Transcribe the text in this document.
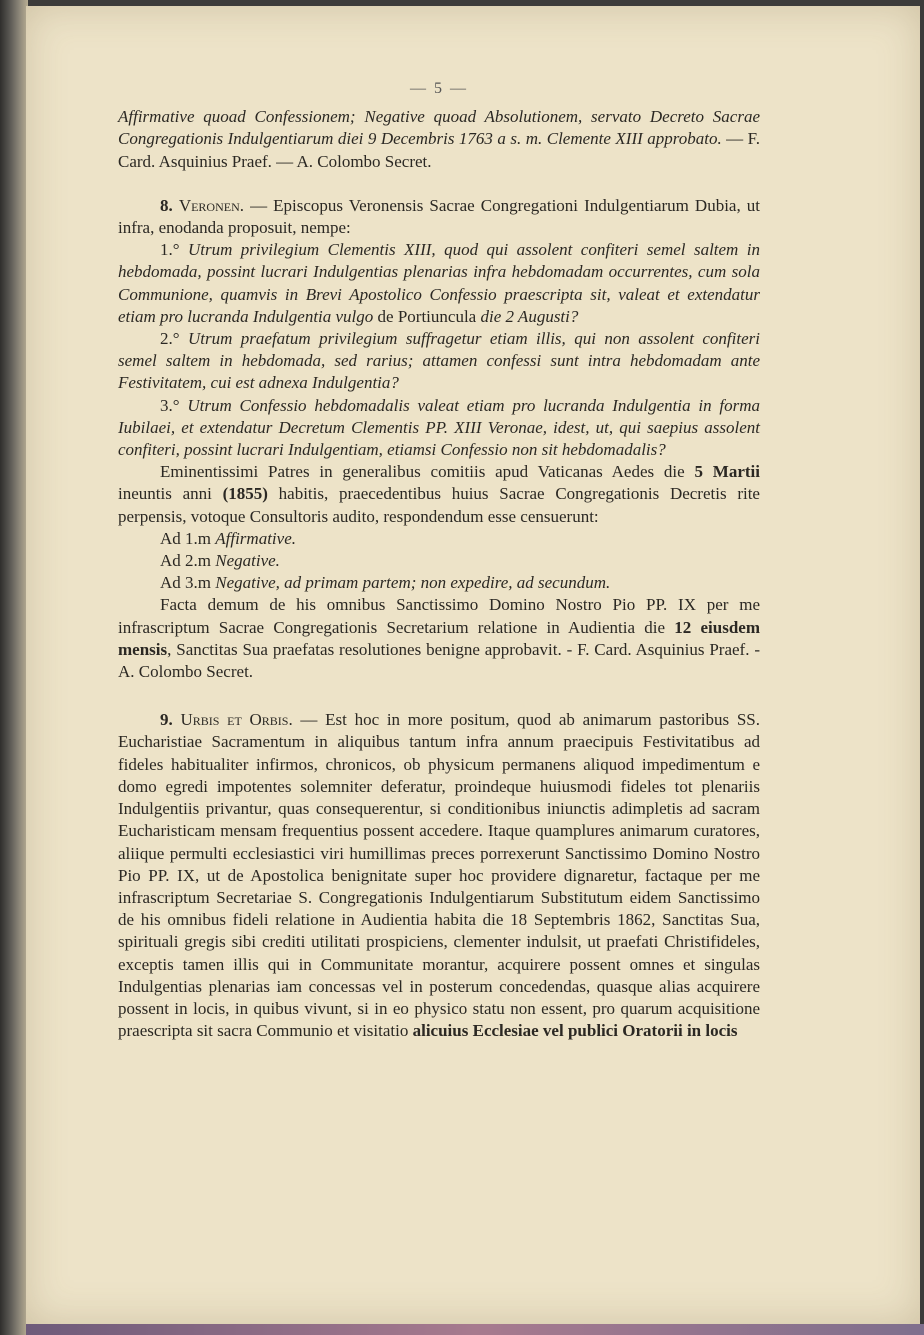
— 5 —

Affirmative quoad Confessionem; Negative quoad Absolutionem, servato Decreto Sacrae Congregationis Indulgentiarum diei 9 Decembris 1763 a s. m. Clemente XIII approbato. — F. Card. Asquinius Praef. — A. Colombo Secret.

8. Veronen. — Episcopus Veronensis Sacrae Congregationi Indulgentiarum Dubia, ut infra, enodanda proposuit, nempe:

1.° Utrum privilegium Clementis XIII, quod qui assolent confiteri semel saltem in hebdomada, possint lucrari Indulgentias plenarias infra hebdomadam occurrentes, cum sola Communione, quamvis in Brevi Apostolico Confessio praescripta sit, valeat et extendatur etiam pro lucranda Indulgentia vulgo de Portiuncula die 2 Augusti?

2.° Utrum praefatum privilegium suffragetur etiam illis, qui non assolent confiteri semel saltem in hebdomada, sed rarius; attamen confessi sunt intra hebdomadam ante Festivitatem, cui est adnexa Indulgentia?

3.° Utrum Confessio hebdomadalis valeat etiam pro lucranda Indulgentia in forma Iubilaei, et extendatur Decretum Clementis PP. XIII Veronae, idest, ut, qui saepius assolent confiteri, possint lucrari Indulgentiam, etiamsi Confessio non sit hebdomadalis?

Eminentissimi Patres in generalibus comitiis apud Vaticanas Aedes die 5 Martii ineuntis anni (1855) habitis, praecedentibus huius Sacrae Congregationis Decretis rite perpensis, votoque Consultoris audito, respondendum esse censuerunt:

Ad 1.m Affirmative.

Ad 2.m Negative.

Ad 3.m Negative, ad primam partem; non expedire, ad secundum.

Facta demum de his omnibus Sanctissimo Domino Nostro Pio PP. IX per me infrascriptum Sacrae Congregationis Secretarium relatione in Audientia die 12 eiusdem mensis, Sanctitas Sua praefatas resolutiones benigne approbavit. - F. Card. Asquinius Praef. - A. Colombo Secret.

9. Urbis et Orbis. — Est hoc in more positum, quod ab animarum pastoribus SS. Eucharistiae Sacramentum in aliquibus tantum infra annum praecipuis Festivitatibus ad fideles habitualiter infirmos, chronicos, ob physicum permanens aliquod impedimentum e domo egredi impotentes solemniter deferatur, proindeque huiusmodi fideles tot plenariis Indulgentiis privantur, quas consequerentur, si conditionibus iniunctis adimpletis ad sacram Eucharisticam mensam frequentius possent accedere. Itaque quamplures animarum curatores, aliique permulti ecclesiastici viri humillimas preces porrexerunt Sanctissimo Domino Nostro Pio PP. IX, ut de Apostolica benignitate super hoc providere dignaretur, factaque per me infrascriptum Secretariae S. Congregationis Indulgentiarum Substitutum eidem Sanctissimo de his omnibus fideli relatione in Audientia habita die 18 Septembris 1862, Sanctitas Sua, spirituali gregis sibi crediti utilitati prospiciens, clementer indulsit, ut praefati Christifideles, exceptis tamen illis qui in Communitate morantur, acquirere possent omnes et singulas Indulgentias plenarias iam concessas vel in posterum concedendas, quasque alias acquirere possent in locis, in quibus vivunt, si in eo physico statu non essent, pro quarum acquisitione praescripta sit sacra Communio et visitatio alicuius Ecclesiae vel publici Oratorii in locis
